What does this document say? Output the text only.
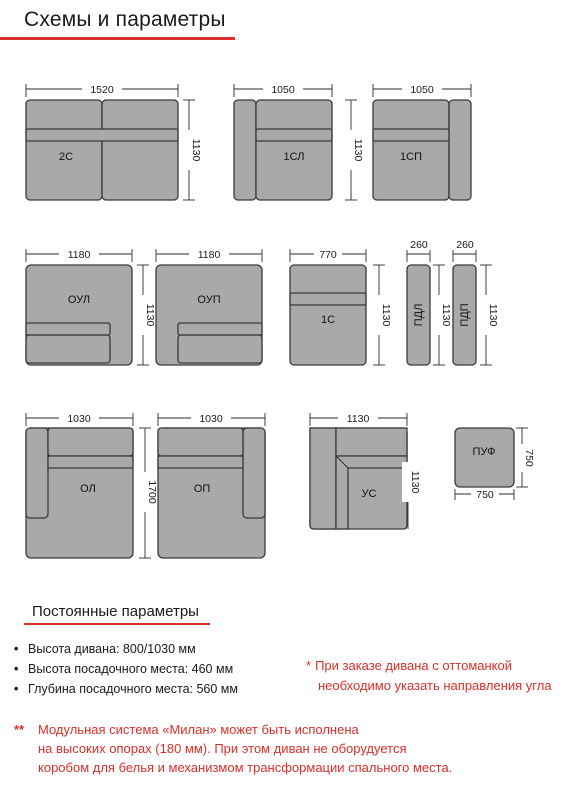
Схемы и параметры
1520
1130
2С
1050
1130
1СЛ
1050
1СП
1180
1130
ОУЛ
1180
ОУП
770
1130
1С
260
1130
ПДЛ
260
1130
ПДП
1030
1700
ОЛ
1030
ОП
1130
1130
УС	750
750
ПУФ
Постоянные параметры
• Высота дивана: 800/1030 мм
• Высота посадочного места: 460 мм
• Глубина посадочного места: 560 мм
* При заказе дивана с оттоманкой
необходимо указать направления угла
** Модульная система «Милан» может быть исполнена
на высоких опорах (180 мм). При этом диван не оборудуется
коробом для белья и механизмом трансформации спального места.
